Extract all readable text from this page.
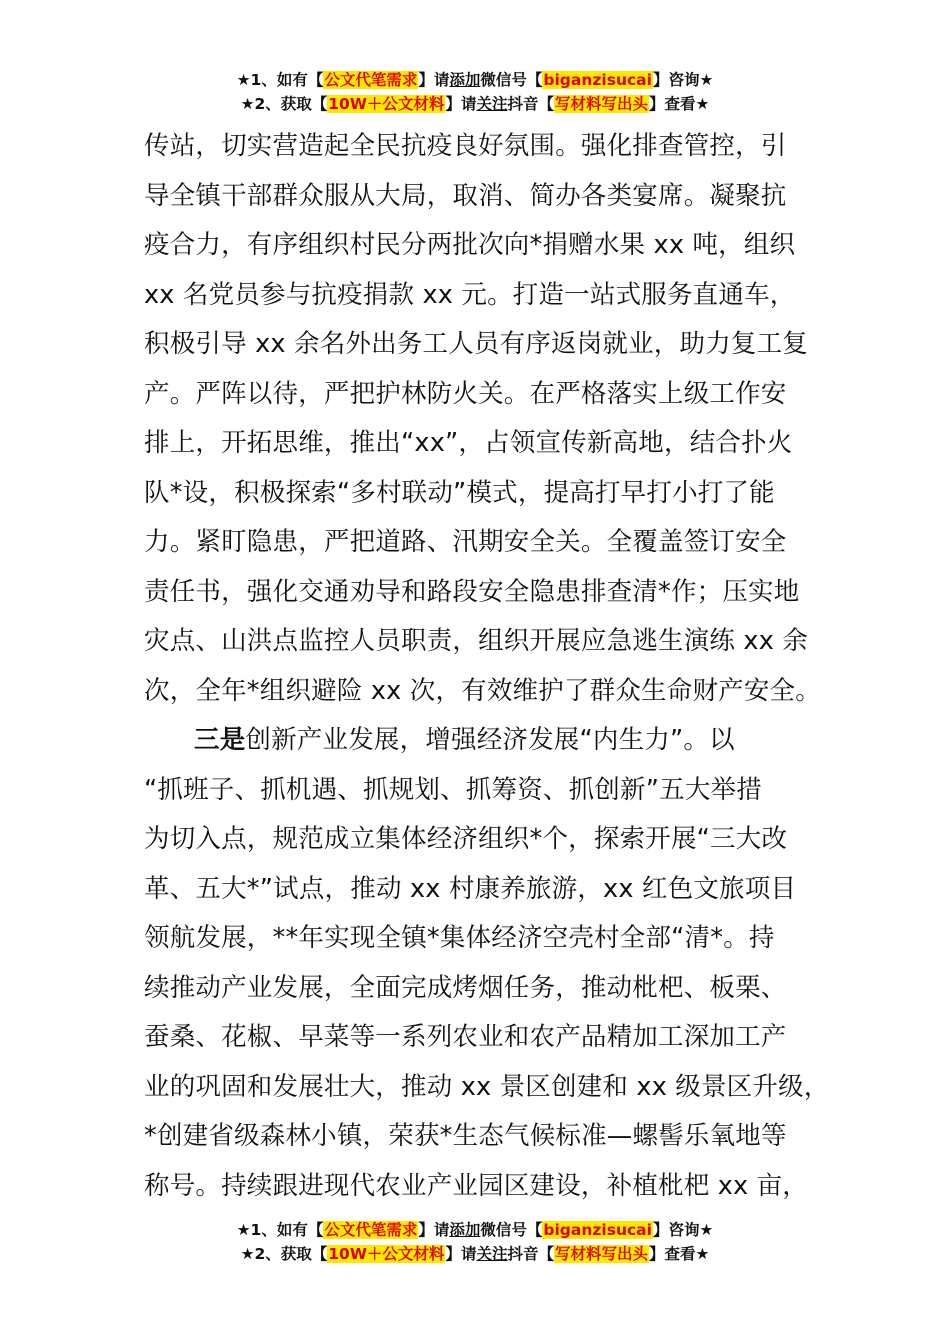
★1、如有【公文代笔需求】请添加微信号【biganzisucai】咨询★
★2、获取【10W＋公文材料】请关注抖音【写材料写出头】查看★
传站，切实营造起全民抗疫良好氛围。强化排查管控，引
导全镇干部群众服从大局，取消、简办各类宴席。凝聚抗
疫合力，有序组织村民分两批次向*捐赠水果 xx 吨，组织
xx 名党员参与抗疫捐款 xx 元。打造一站式服务直通车，
积极引导 xx 余名外出务工人员有序返岗就业，助力复工复
产。严阵以待，严把护林防火关。在严格落实上级工作安
排上，开拓思维，推出“xx”，占领宣传新高地，结合扑火
队*设，积极探索“多村联动”模式，提高打早打小打了能
力。紧盯隐患，严把道路、汛期安全关。全覆盖签订安全
责任书，强化交通劝导和路段安全隐患排查清*作；压实地
灾点、山洪点监控人员职责，组织开展应急逃生演练 xx 余
次，全年*组织避险 xx 次，有效维护了群众生命财产安全。
三是创新产业发展，增强经济发展“内生力”。以
“抓班子、抓机遇、抓规划、抓筹资、抓创新”五大举措
为切入点，规范成立集体经济组织*个，探索开展“三大改
革、五大*”试点，推动 xx 村康养旅游，xx 红色文旅项目
领航发展，**年实现全镇*集体经济空壳村全部“清*。持
续推动产业发展，全面完成烤烟任务，推动枇杷、板栗、
蚕桑、花椒、早菜等一系列农业和农产品精加工深加工产
业的巩固和发展壮大，推动 xx 景区创建和 xx 级景区升级，
*创建省级森林小镇，荣获*生态气候标准—螺髻乐氧地等
称号。持续跟进现代农业产业园区建设，补植枇杷 xx 亩，
★1、如有【公文代笔需求】请添加微信号【biganzisucai】咨询★
★2、获取【10W＋公文材料】请关注抖音【写材料写出头】查看★
